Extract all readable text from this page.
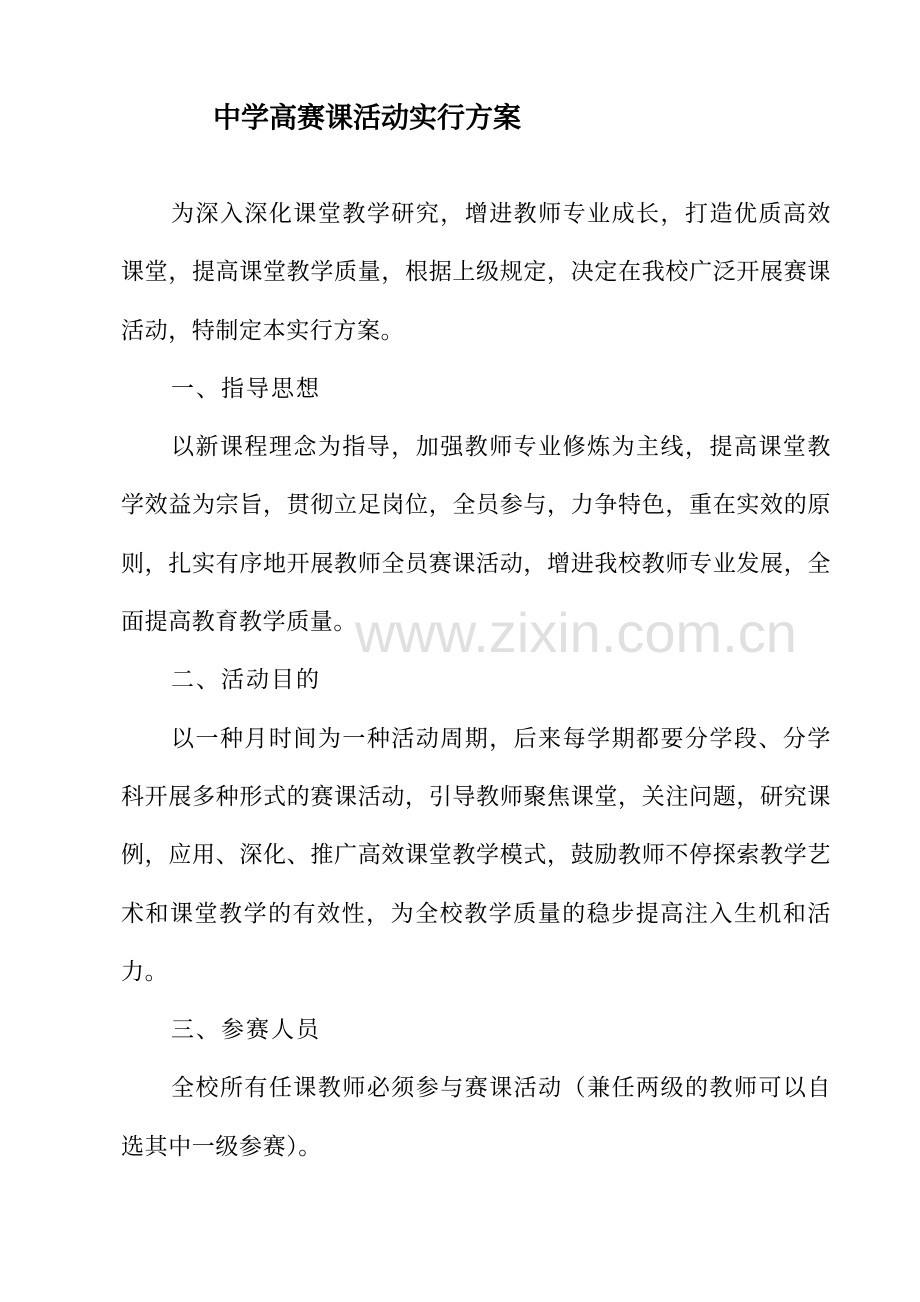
中学高赛课活动实行方案

为深入深化课堂教学研究，增进教师专业成长，打造优质高效课堂，提高课堂教学质量，根据上级规定，决定在我校广泛开展赛课活动，特制定本实行方案。

一、指导思想

以新课程理念为指导，加强教师专业修炼为主线，提高课堂教学效益为宗旨，贯彻立足岗位，全员参与，力争特色，重在实效的原则，扎实有序地开展教师全员赛课活动，增进我校教师专业发展，全面提高教育教学质量。

二、活动目的

以一种月时间为一种活动周期，后来每学期都要分学段、分学科开展多种形式的赛课活动，引导教师聚焦课堂，关注问题，研究课例，应用、深化、推广高效课堂教学模式，鼓励教师不停探索教学艺术和课堂教学的有效性，为全校教学质量的稳步提高注入生机和活力。

三、参赛人员

全校所有任课教师必须参与赛课活动（兼任两级的教师可以自选其中一级参赛）。

www.zixin.com.cn
